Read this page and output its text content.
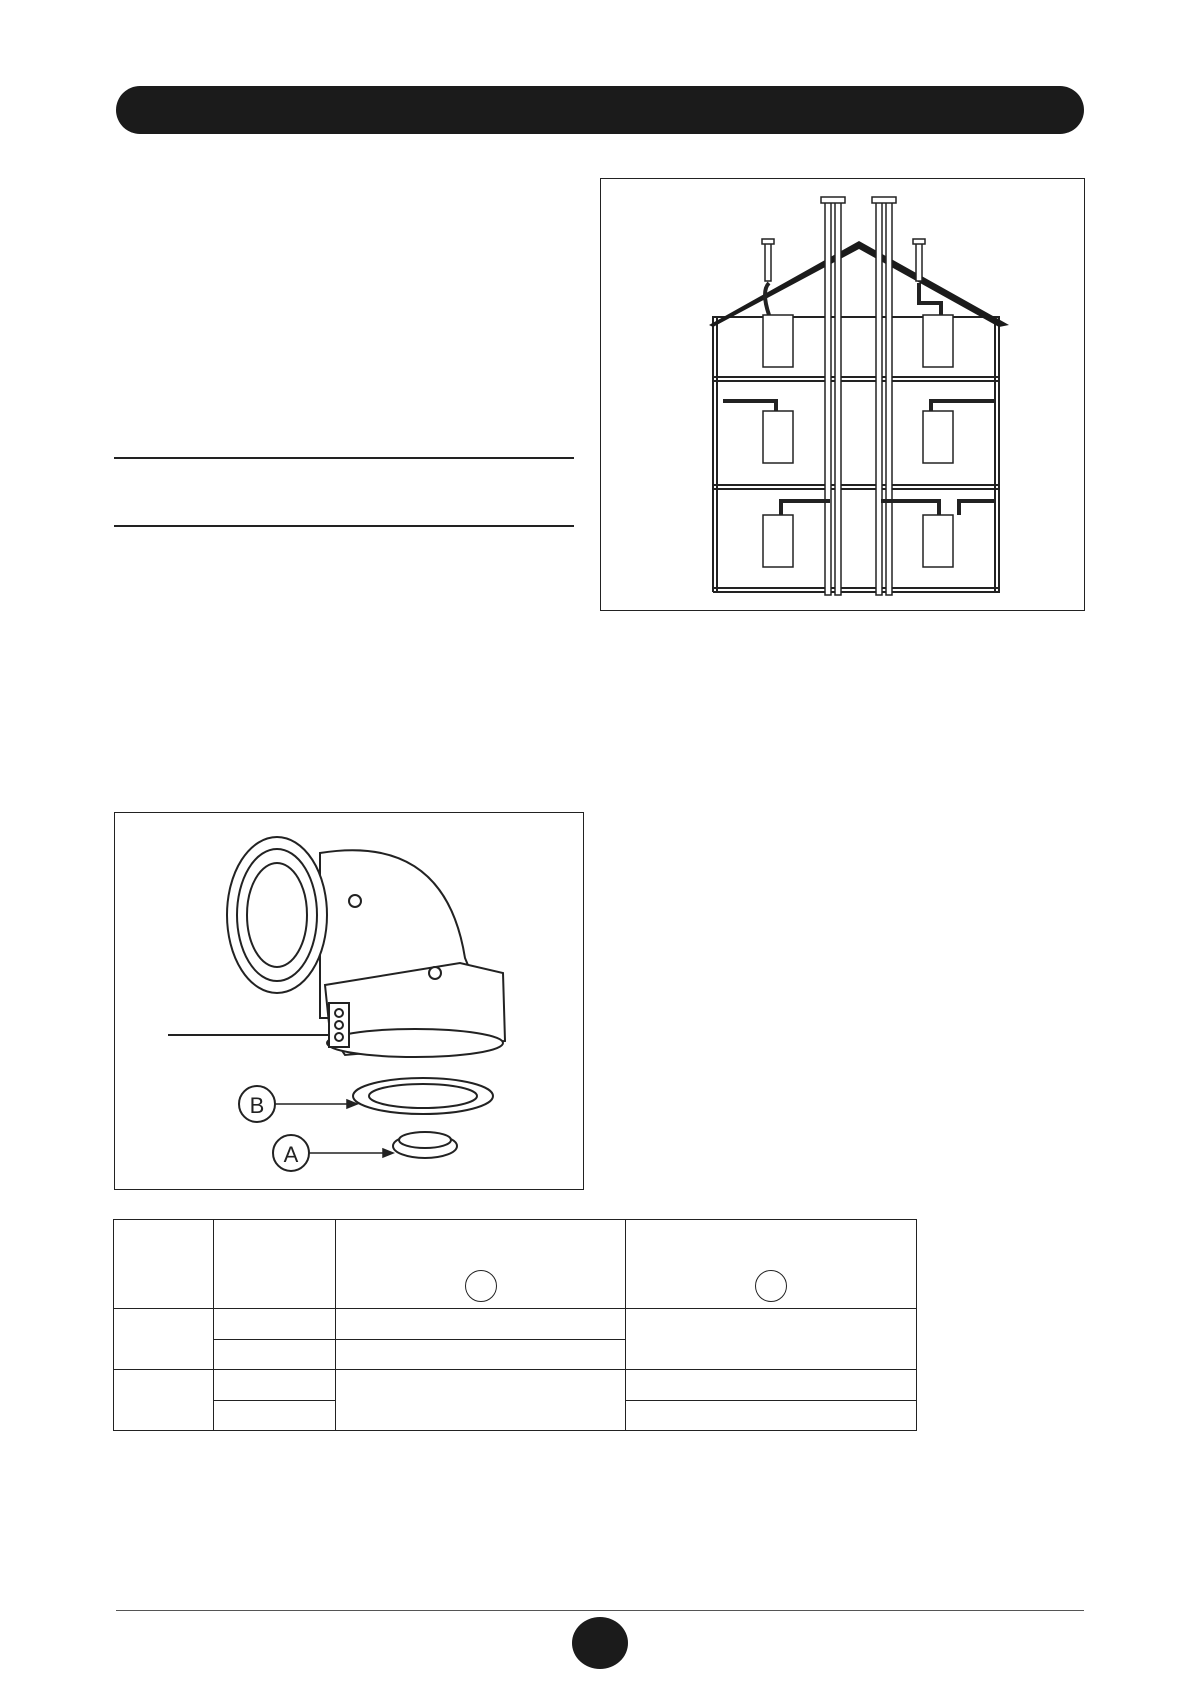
B
A
